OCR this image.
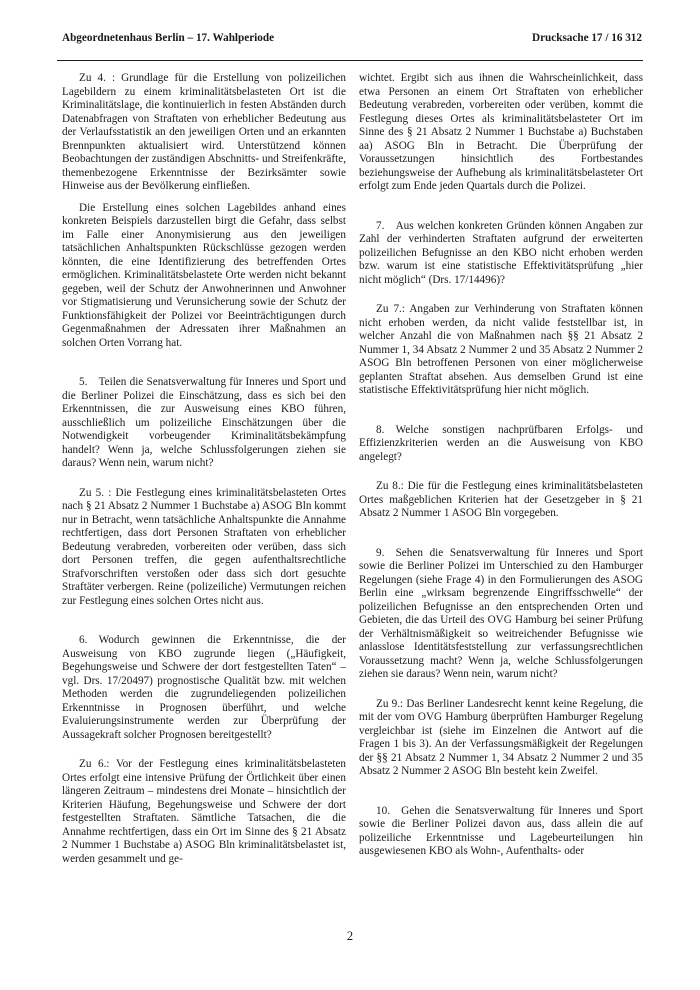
Abgeordnetenhaus Berlin – 17. Wahlperiode	Drucksache 17 / 16 312

Zu 4. : Grundlage für die Erstellung von polizeilichen Lagebildern zu einem kriminalitätsbelasteten Ort ist die Kriminalitätslage, die kontinuierlich in festen Abständen durch Datenabfragen von Straftaten von erheblicher Bedeutung aus der Verlaufsstatistik an den jeweiligen Orten und an erkannten Brennpunkten aktualisiert wird. Unterstützend können Beobachtungen der zuständigen Abschnitts- und Streifenkräfte, themenbezogene Erkenntnisse der Bezirksämter sowie Hinweise aus der Bevölkerung einfließen.

Die Erstellung eines solchen Lagebildes anhand eines konkreten Beispiels darzustellen birgt die Gefahr, dass selbst im Falle einer Anonymisierung aus den jeweiligen tatsächlichen Anhaltspunkten Rückschlüsse gezogen werden könnten, die eine Identifizierung des betreffenden Ortes ermöglichen. Kriminalitätsbelastete Orte werden nicht bekannt gegeben, weil der Schutz der Anwohnerinnen und Anwohner vor Stigmatisierung und Verunsicherung sowie der Schutz der Funktionsfähigkeit der Polizei vor Beeinträchtigungen durch Gegenmaßnahmen der Adressaten ihrer Maßnahmen an solchen Orten Vorrang hat.

5. Teilen die Senatsverwaltung für Inneres und Sport und die Berliner Polizei die Einschätzung, dass es sich bei den Erkenntnissen, die zur Ausweisung eines KBO führen, ausschließlich um polizeiliche Einschätzungen über die Notwendigkeit vorbeugender Kriminalitätsbekämpfung handelt? Wenn ja, welche Schlussfolgerungen ziehen sie daraus? Wenn nein, warum nicht?

Zu 5. : Die Festlegung eines kriminalitätsbelasteten Ortes nach § 21 Absatz 2 Nummer 1 Buchstabe a) ASOG Bln kommt nur in Betracht, wenn tatsächliche Anhaltspunkte die Annahme rechtfertigen, dass dort Personen Straftaten von erheblicher Bedeutung verabreden, vorbereiten oder verüben, dass sich dort Personen treffen, die gegen aufenthaltsrechtliche Strafvorschriften verstoßen oder dass sich dort gesuchte Straftäter verbergen. Reine (polizeiliche) Vermutungen reichen zur Festlegung eines solchen Ortes nicht aus.

6. Wodurch gewinnen die Erkenntnisse, die der Ausweisung von KBO zugrunde liegen („Häufigkeit, Begehungsweise und Schwere der dort festgestellten Taten“ – vgl. Drs. 17/20497) prognostische Qualität bzw. mit welchen Methoden werden die zugrundeliegenden polizeilichen Erkenntnisse in Prognosen überführt, und welche Evaluierungsinstrumente werden zur Überprüfung der Aussagekraft solcher Prognosen bereitgestellt?

Zu 6.: Vor der Festlegung eines kriminalitätsbelasteten Ortes erfolgt eine intensive Prüfung der Örtlichkeit über einen längeren Zeitraum – mindestens drei Monate – hinsichtlich der Kriterien Häufung, Begehungsweise und Schwere der dort festgestellten Straftaten. Sämtliche Tatsachen, die die Annahme rechtfertigen, dass ein Ort im Sinne des § 21 Absatz 2 Nummer 1 Buchstabe a) ASOG Bln kriminalitätsbelastet ist, werden gesammelt und ge-

wichtet. Ergibt sich aus ihnen die Wahrscheinlichkeit, dass etwa Personen an einem Ort Straftaten von erheblicher Bedeutung verabreden, vorbereiten oder verüben, kommt die Festlegung dieses Ortes als kriminalitätsbelasteter Ort im Sinne des § 21 Absatz 2 Nummer 1 Buchstabe a) Buchstaben aa) ASOG Bln in Betracht. Die Überprüfung der Voraussetzungen hinsichtlich des Fortbestandes beziehungsweise der Aufhebung als kriminalitätsbelasteter Ort erfolgt zum Ende jeden Quartals durch die Polizei.

7. Aus welchen konkreten Gründen können Angaben zur Zahl der verhinderten Straftaten aufgrund der erweiterten polizeilichen Befugnisse an den KBO nicht erhoben werden bzw. warum ist eine statistische Effektivitätsprüfung „hier nicht möglich“ (Drs. 17/14496)?

Zu 7.: Angaben zur Verhinderung von Straftaten können nicht erhoben werden, da nicht valide feststellbar ist, in welcher Anzahl die von Maßnahmen nach §§ 21 Absatz 2 Nummer 1, 34 Absatz 2 Nummer 2 und 35 Absatz 2 Nummer 2 ASOG Bln betroffenen Personen von einer möglicherweise geplanten Straftat absehen. Aus demselben Grund ist eine statistische Effektivitätsprüfung hier nicht möglich.

8. Welche sonstigen nachprüfbaren Erfolgs- und Effizienzkriterien werden an die Ausweisung von KBO angelegt?

Zu 8.: Die für die Festlegung eines kriminalitätsbelasteten Ortes maßgeblichen Kriterien hat der Gesetzgeber in § 21 Absatz 2 Nummer 1 ASOG Bln vorgegeben.

9. Sehen die Senatsverwaltung für Inneres und Sport sowie die Berliner Polizei im Unterschied zu den Hamburger Regelungen (siehe Frage 4) in den Formulierungen des ASOG Berlin eine „wirksam begrenzende Eingriffsschwelle“ der polizeilichen Befugnisse an den entsprechenden Orten und Gebieten, die das Urteil des OVG Hamburg bei seiner Prüfung der Verhältnismäßigkeit so weitreichender Befugnisse wie anlasslose Identitätsfeststellung zur verfassungsrechtlichen Voraussetzung macht? Wenn ja, welche Schlussfolgerungen ziehen sie daraus? Wenn nein, warum nicht?

Zu 9.: Das Berliner Landesrecht kennt keine Regelung, die mit der vom OVG Hamburg überprüften Hamburger Regelung vergleichbar ist (siehe im Einzelnen die Antwort auf die Fragen 1 bis 3). An der Verfassungsmäßigkeit der Regelungen der §§ 21 Absatz 2 Nummer 1, 34 Absatz 2 Nummer 2 und 35 Absatz 2 Nummer 2 ASOG Bln besteht kein Zweifel.

10. Gehen die Senatsverwaltung für Inneres und Sport sowie die Berliner Polizei davon aus, dass allein die auf polizeiliche Erkenntnisse und Lagebeurteilungen hin ausgewiesenen KBO als Wohn-, Aufenthalts- oder

2
